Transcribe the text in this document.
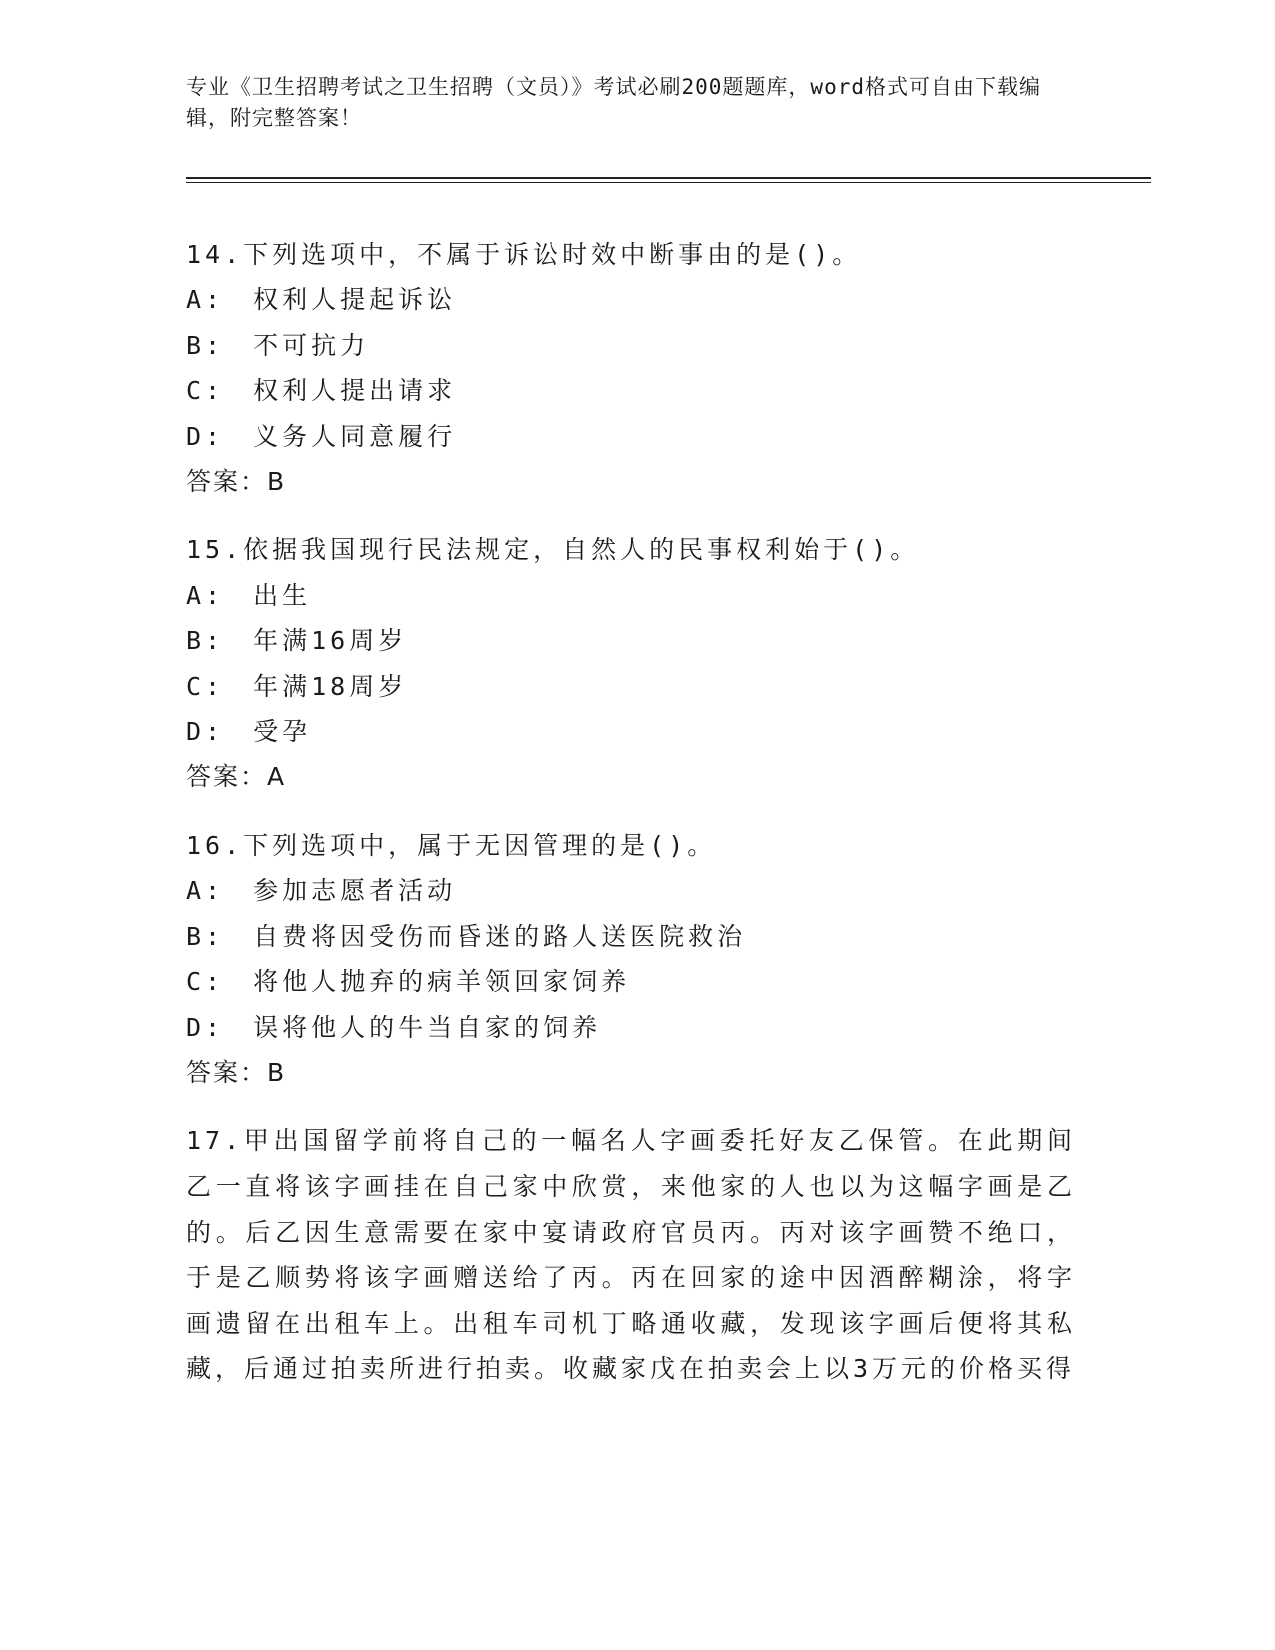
专业《卫生招聘考试之卫生招聘（文员）》考试必刷200题题库，word格式可自由下载编辑，附完整答案！

14.下列选项中，不属于诉讼时效中断事由的是()。

A:　权利人提起诉讼

B:　不可抗力

C:　权利人提出请求

D:　义务人同意履行

答案：B

15.依据我国现行民法规定，自然人的民事权利始于()。

A:　出生

B:　年满16周岁

C:　年满18周岁

D:　受孕

答案：A

16.下列选项中，属于无因管理的是()。

A:　参加志愿者活动

B:　自费将因受伤而昏迷的路人送医院救治

C:　将他人抛弃的病羊领回家饲养

D:　误将他人的牛当自家的饲养

答案：B

17.甲出国留学前将自己的一幅名人字画委托好友乙保管。在此期间乙一直将该字画挂在自己家中欣赏，来他家的人也以为这幅字画是乙的。后乙因生意需要在家中宴请政府官员丙。丙对该字画赞不绝口，于是乙顺势将该字画赠送给了丙。丙在回家的途中因酒醉糊涂，将字画遗留在出租车上。出租车司机丁略通收藏，发现该字画后便将其私藏，后通过拍卖所进行拍卖。收藏家戊在拍卖会上以3万元的价格买得
